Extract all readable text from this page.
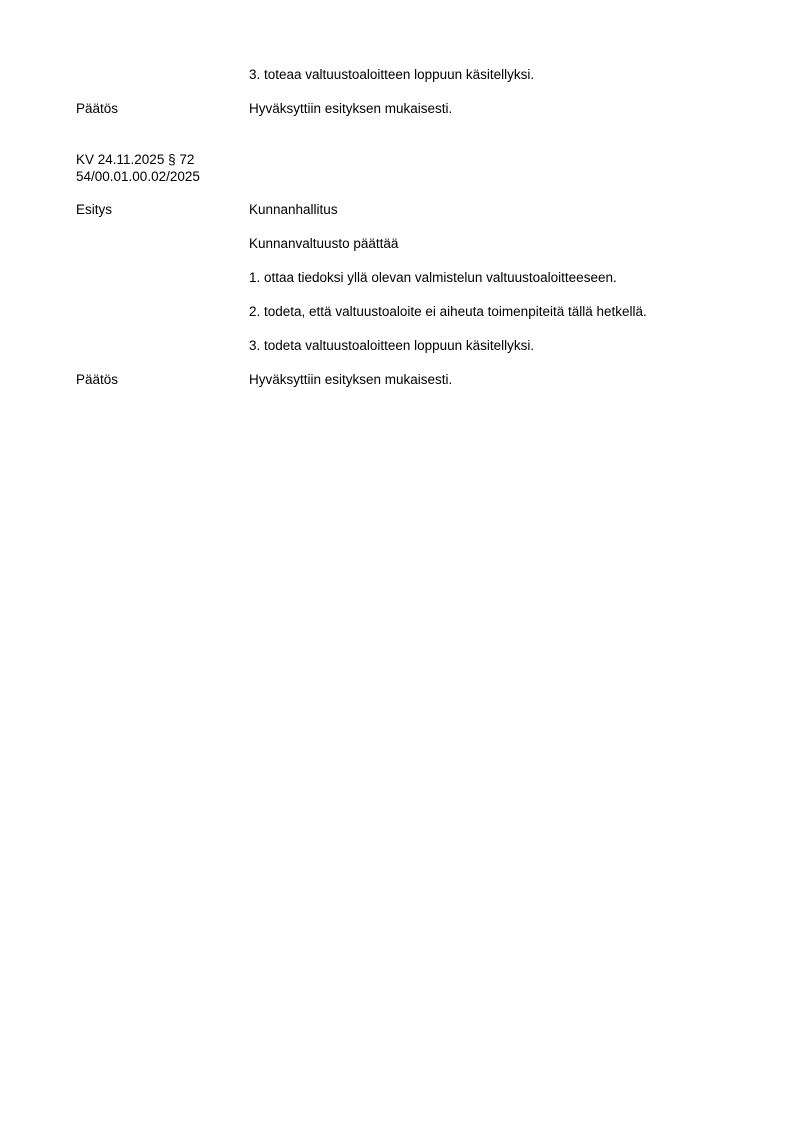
3. toteaa valtuustoaloitteen loppuun käsitellyksi.
Päätös	Hyväksyttiin esityksen mukaisesti.
KV 24.11.2025 § 72
54/00.01.00.02/2025
Esitys	Kunnanhallitus
Kunnanvaltuusto päättää
1. ottaa tiedoksi yllä olevan valmistelun valtuustoaloitteeseen.
2. todeta, että valtuustoaloite ei aiheuta toimenpiteitä tällä hetkellä.
3. todeta valtuustoaloitteen loppuun käsitellyksi.
Päätös	Hyväksyttiin esityksen mukaisesti.
